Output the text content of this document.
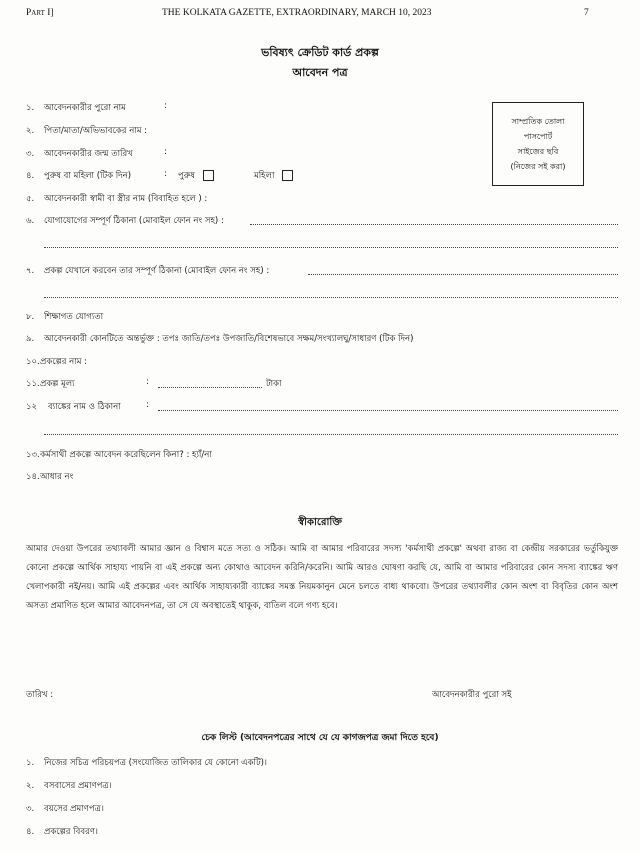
Part I]	THE KOLKATA GAZETTE, EXTRAORDINARY, MARCH 10, 2023	7
ভবিষ্যৎ ক্রেডিট কার্ড প্রকল্প
আবেদন পত্র
সাম্প্রতিক তোলা
পাসপোর্ট
সাইজের ছবি
(নিজের সই করা)
১. আবেদনকারীর পুরো নাম	:
২. পিতা/মাতা/অভিভাবকের নাম :
৩. আবেদনকারীর জন্ম তারিখ	:
৪. পুরুষ বা মহিলা (টিক দিন)	: পুরুষ	মহিলা
৫. আবেদনকারী স্বামী বা স্ত্রীর নাম (বিবাহিত হলে ) :
৬. যোগাযোগের সম্পূর্ণ ঠিকানা (মোবাইল ফোন নং সহ) :
৭. প্রকল্প যেখানে করবেন তার সম্পূর্ণ ঠিকানা (মোবাইল ফোন নং সহ) :
৮. শিক্ষাগত যোগ্যতা
৯. আবেদনকারী কোনটিতে অন্তর্ভুক্ত : তপঃ জাতি/তপঃ উপজাতি/বিশেষভাবে সক্ষম/সংখ্যালঘু/সাধারণ (টিক দিন)
১০. প্রকল্পের নাম :
১১. প্রকল্প মূল্য	:	টাকা
১২ ব্যাঙ্কের নাম ও ঠিকানা	:
১৩. কর্মসাথী প্রকল্পে আবেদন করেছিলেন কিনা? : হ্যাঁ/না
১৪. আধার নং
স্বীকারোক্তি
আমার দেওয়া উপরের তথ্যাবলী আমার জ্ঞান ও বিশ্বাস মতে সত্য ও সঠিক। আমি বা আমার পরিবারের সদস্য 'কর্মসাথী প্রকল্পে' অথবা রাজ্য বা কেন্দ্রীয় সরকারের ভর্তুকিযুক্ত কোনো প্রকল্পে আর্থিক সাহায্য পায়নি বা এই প্রকল্পে অন্য কোথাও আবেদন করিনি/করেনি। আমি আরও ঘোষণা করছি যে, আমি বা আমার পরিবারের কোন সদস্য ব্যাঙ্কের ঋণ খেলাপকারী নই/নয়। আমি এই প্রকল্পের এবং আর্থিক সাহায্যকারী ব্যাঙ্কের সমস্ত নিয়মকানুন মেনে চলতে বাধ্য থাকবো। উপরের তথ্যাবলীর কোন অংশ বা বিবৃতির কোন অংশ অসত্য প্রমাণিত হলে আমার আবেদনপত্র, তা সে যে অবস্থাতেই থাকুক, বাতিল বলে গণ্য হবে।
তারিখ :	আবেদনকারীর পুরো সই
চেক লিস্ট (আবেদনপত্রের সাথে যে যে কাগজপত্র জমা দিতে হবে)
১. নিজের সচিত্র পরিচয়পত্র (সংযোজিত তালিকার যে কোনো একটি)।
২. বসবাসের প্রমাণপত্র।
৩. বয়সের প্রমাণপত্র।
৪. প্রকল্পের বিবরণ।
